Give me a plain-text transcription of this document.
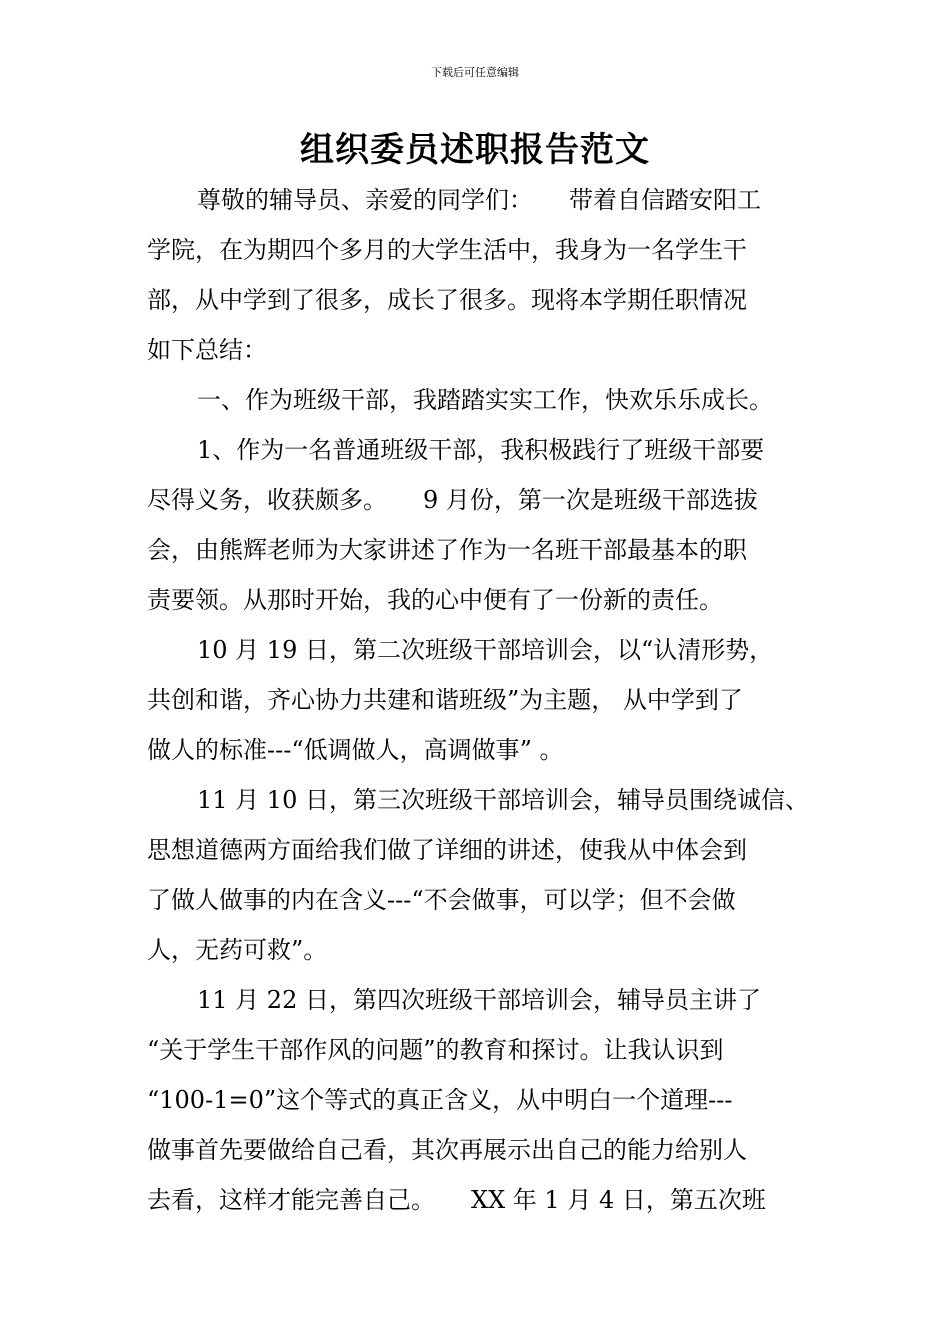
下载后可任意编辑
组织委员述职报告范文
尊敬的辅导员、亲爱的同学们：　　带着自信踏安阳工
学院，在为期四个多月的大学生活中，我身为一名学生干
部，从中学到了很多，成长了很多。现将本学期任职情况
如下总结：
一、作为班级干部，我踏踏实实工作，快欢乐乐成长。
1、作为一名普通班级干部，我积极践行了班级干部要
尽得义务，收获颇多。　　9 月份，第一次是班级干部选拔
会，由熊辉老师为大家讲述了作为一名班干部最基本的职
责要领。从那时开始，我的心中便有了一份新的责任。
10 月 19 日，第二次班级干部培训会，以“认清形势，
共创和谐，齐心协力共建和谐班级”为主题， 从中学到了
做人的标准---“低调做人，高调做事” 。
11 月 10 日，第三次班级干部培训会，辅导员围绕诚信、
思想道德两方面给我们做了详细的讲述，使我从中体会到
了做人做事的内在含义---“不会做事，可以学；但不会做
人，无药可救”。
11 月 22 日，第四次班级干部培训会，辅导员主讲了
“关于学生干部作风的问题”的教育和探讨。让我认识到
“100-1=0”这个等式的真正含义，从中明白一个道理---
做事首先要做给自己看，其次再展示出自己的能力给别人
去看，这样才能完善自己。　　XX 年 1 月 4 日，第五次班
